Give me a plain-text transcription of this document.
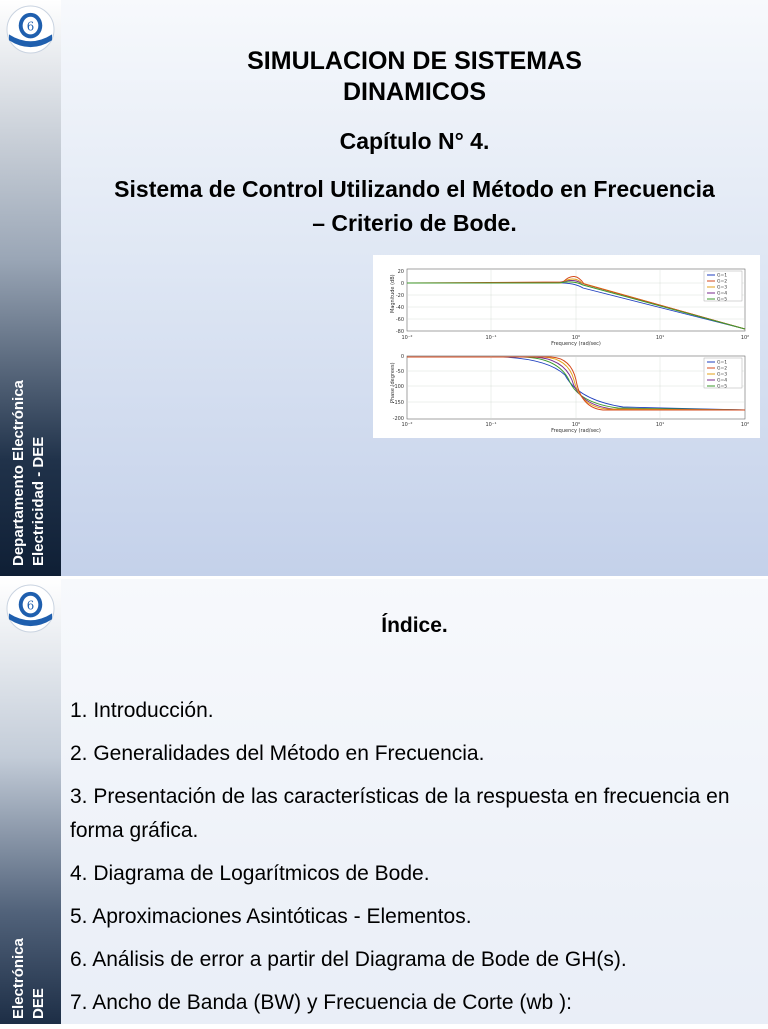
6
Departamento Electrónica Electricidad - DEE
SIMULACION DE SISTEMAS
DINAMICOS
Capítulo N° 4.
Sistema de Control Utilizando el Método en Frecuencia
– Criterio de Bode.
20
0
-20
-40
-60
-80
10⁻²	10⁻¹	10⁰	10¹	10²
Frequency (rad/sec)
Magnitude (dB)	G=1
G=2
G=3
G=4
G=5
0
-50
-100
-150
-200
10⁻²	10⁻¹	10⁰	10¹	10²
Frequency (rad/sec)
Phase (degrees)	G=1
G=2
G=3
G=4
G=5
6
Electrónica DEE
Índice.
1. Introducción.
2. Generalidades del Método en Frecuencia.
3. Presentación de las características de la respuesta en frecuencia en forma gráfica.
4. Diagrama de Logarítmicos de Bode.
5. Aproximaciones Asintóticas - Elementos.
6. Análisis de error a partir del Diagrama de Bode de GH(s).
7. Ancho de Banda (BW) y Frecuencia de Corte (wb ):
